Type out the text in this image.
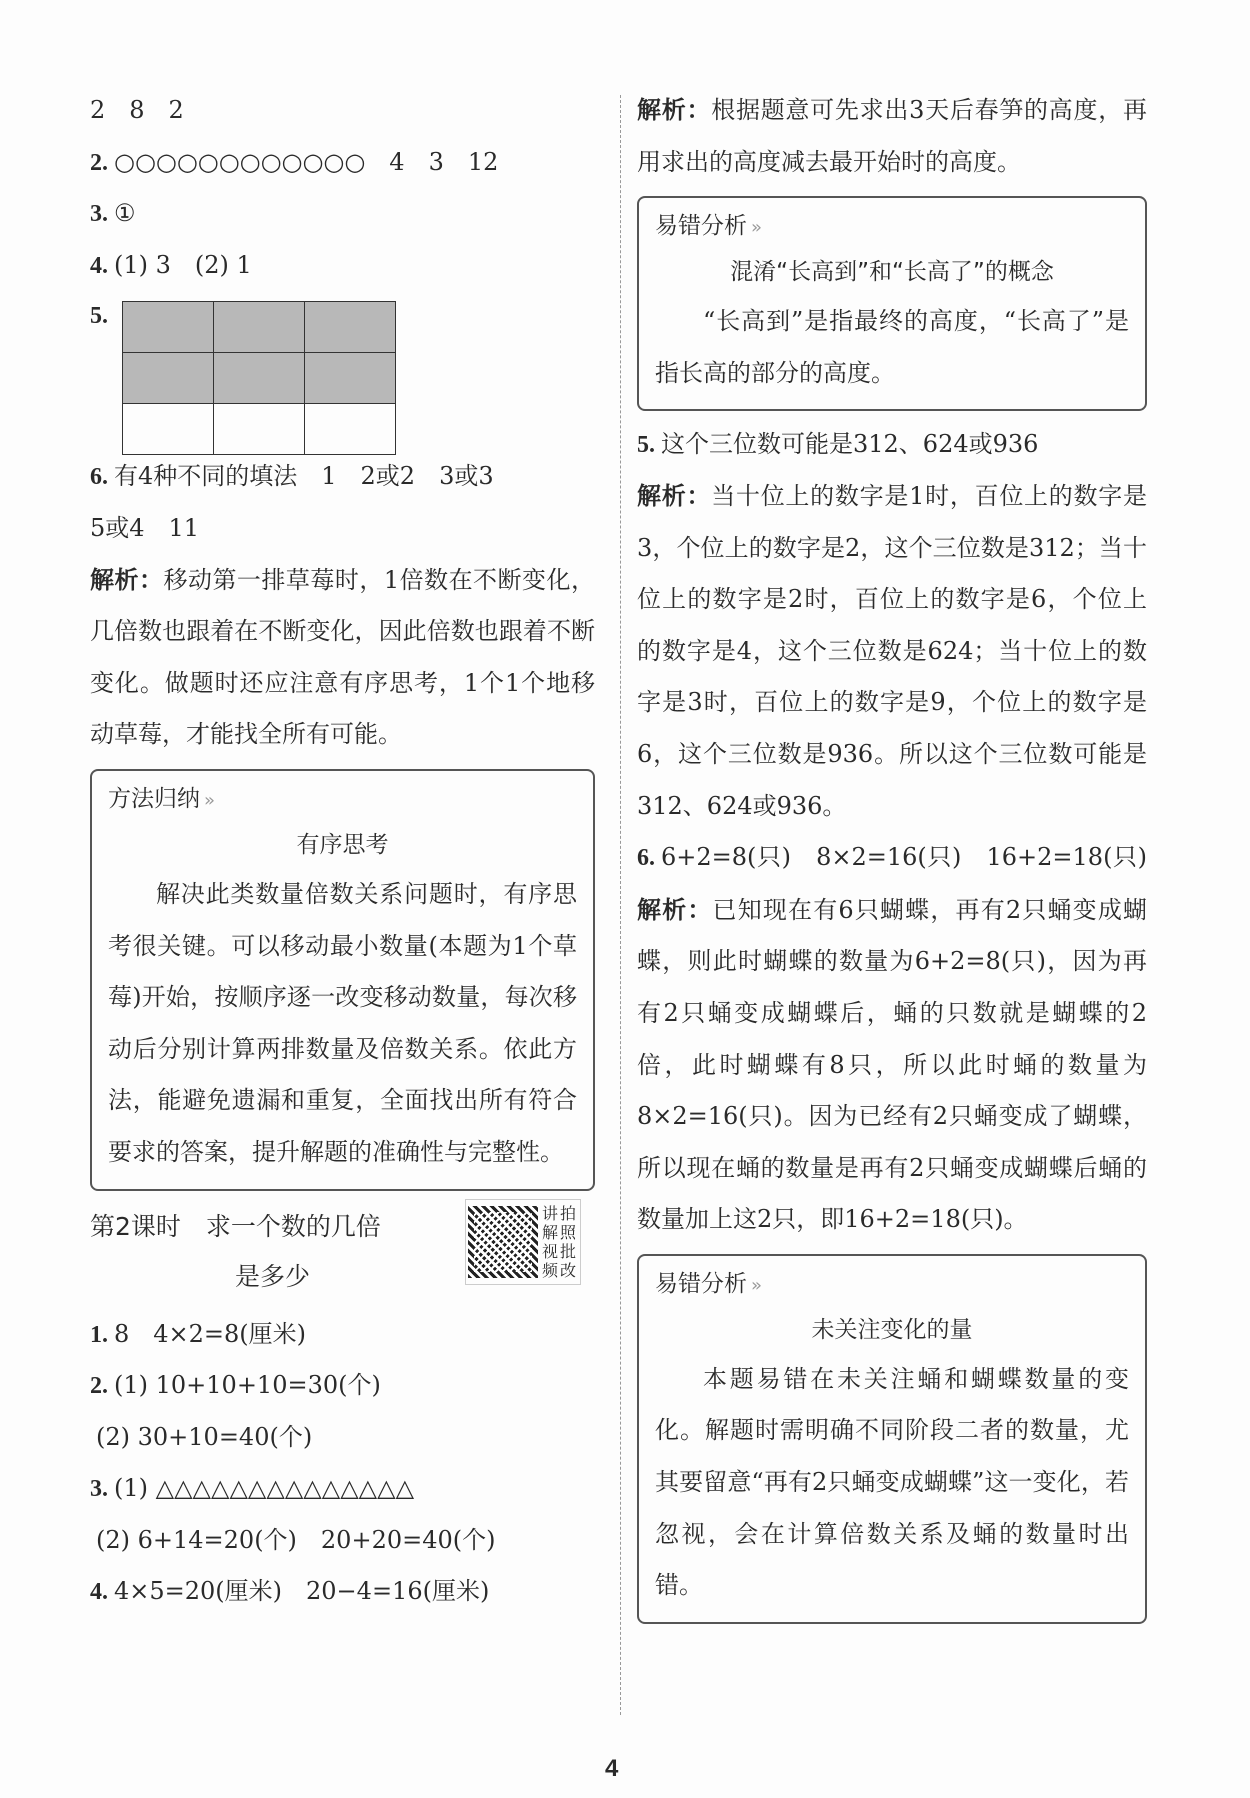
2　8　2
2. ○○○○○○○○○○○○　4　3　12
3. ①
4. (1) 3　(2) 1
5.
6. 有4种不同的填法　1　2或2　3或3
5或4　11
解析：移动第一排草莓时，1倍数在不断变化，几倍数也跟着在不断变化，因此倍数也跟着不断变化。做题时还应注意有序思考，1个1个地移动草莓，才能找全所有可能。
方法归纳 »
有序思考
解决此类数量倍数关系问题时，有序思考很关键。可以移动最小数量(本题为1个草莓)开始，按顺序逐一改变移动数量，每次移动后分别计算两排数量及倍数关系。依此方法，能避免遗漏和重复，全面找出所有符合要求的答案，提升解题的准确性与完整性。
第2课时　求一个数的几倍
是多少
讲拍解照视批频改
1. 8　4×2=8(厘米)
2. (1) 10+10+10=30(个)
(2) 30+10=40(个)
3. (1) △△△△△△△△△△△△△△
(2) 6+14=20(个)　20+20=40(个)
4. 4×5=20(厘米)　20−4=16(厘米)
解析：根据题意可先求出3天后春笋的高度，再用求出的高度减去最开始时的高度。
易错分析 »
混淆“长高到”和“长高了”的概念
“长高到”是指最终的高度，“长高了”是指长高的部分的高度。
5. 这个三位数可能是312、624或936
解析：当十位上的数字是1时，百位上的数字是3，个位上的数字是2，这个三位数是312；当十位上的数字是2时，百位上的数字是6，个位上的数字是4，这个三位数是624；当十位上的数字是3时，百位上的数字是9，个位上的数字是6，这个三位数是936。所以这个三位数可能是312、624或936。
6. 6+2=8(只)　8×2=16(只)　16+2=18(只)　解析：已知现在有6只蝴蝶，再有2只蛹变成蝴蝶，则此时蝴蝶的数量为6+2=8(只)，因为再有2只蛹变成蝴蝶后，蛹的只数就是蝴蝶的2倍，此时蝴蝶有8只，所以此时蛹的数量为8×2=16(只)。因为已经有2只蛹变成了蝴蝶，所以现在蛹的数量是再有2只蛹变成蝴蝶后蛹的数量加上这2只，即16+2=18(只)。
易错分析 »
未关注变化的量
本题易错在未关注蛹和蝴蝶数量的变化。解题时需明确不同阶段二者的数量，尤其要留意“再有2只蛹变成蝴蝶”这一变化，若忽视，会在计算倍数关系及蛹的数量时出错。
4
